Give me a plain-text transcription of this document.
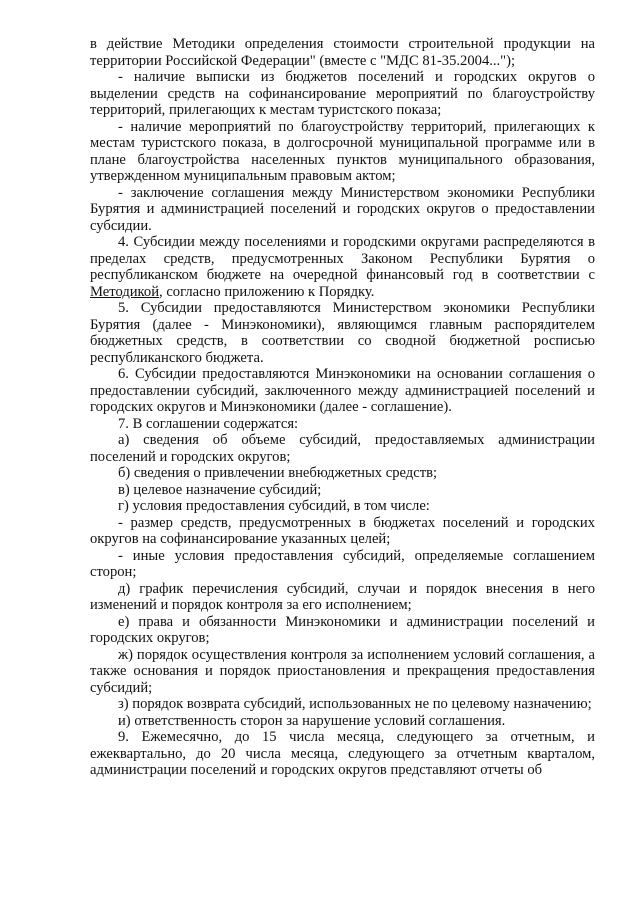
в действие Методики определения стоимости строительной продукции на территории Российской Федерации" (вместе с "МДС 81-35.2004...");

- наличие выписки из бюджетов поселений и городских округов о выделении средств на софинансирование мероприятий по благоустройству территорий, прилегающих к местам туристского показа;

- наличие мероприятий по благоустройству территорий, прилегающих к местам туристского показа, в долгосрочной муниципальной программе или в плане благоустройства населенных пунктов муниципального образования, утвержденном муниципальным правовым актом;

- заключение соглашения между Министерством экономики Республики Бурятия и администрацией поселений и городских округов о предоставлении субсидии.

4. Субсидии между поселениями и городскими округами распределяются в пределах средств, предусмотренных Законом Республики Бурятия о республиканском бюджете на очередной финансовый год в соответствии с Методикой, согласно приложению к Порядку.

5. Субсидии предоставляются Министерством экономики Республики Бурятия (далее - Минэкономики), являющимся главным распорядителем бюджетных средств, в соответствии со сводной бюджетной росписью республиканского бюджета.

6. Субсидии предоставляются Минэкономики на основании соглашения о предоставлении субсидий, заключенного между администрацией поселений и городских округов и Минэкономики (далее - соглашение).

7. В соглашении содержатся:

а) сведения об объеме субсидий, предоставляемых администрации поселений и городских округов;

б) сведения о привлечении внебюджетных средств;

в) целевое назначение субсидий;

г) условия предоставления субсидий, в том числе:

- размер средств, предусмотренных в бюджетах поселений и городских округов на софинансирование указанных целей;

- иные условия предоставления субсидий, определяемые соглашением сторон;

д) график перечисления субсидий, случаи и порядок внесения в него изменений и порядок контроля за его исполнением;

е) права и обязанности Минэкономики и администрации поселений и городских округов;

ж) порядок осуществления контроля за исполнением условий соглашения, а также основания и порядок приостановления и прекращения предоставления субсидий;

з) порядок возврата субсидий, использованных не по целевому назначению;

и) ответственность сторон за нарушение условий соглашения.

9. Ежемесячно, до 15 числа месяца, следующего за отчетным, и ежеквартально, до 20 числа месяца, следующего за отчетным кварталом, администрации поселений и городских округов представляют отчеты об
